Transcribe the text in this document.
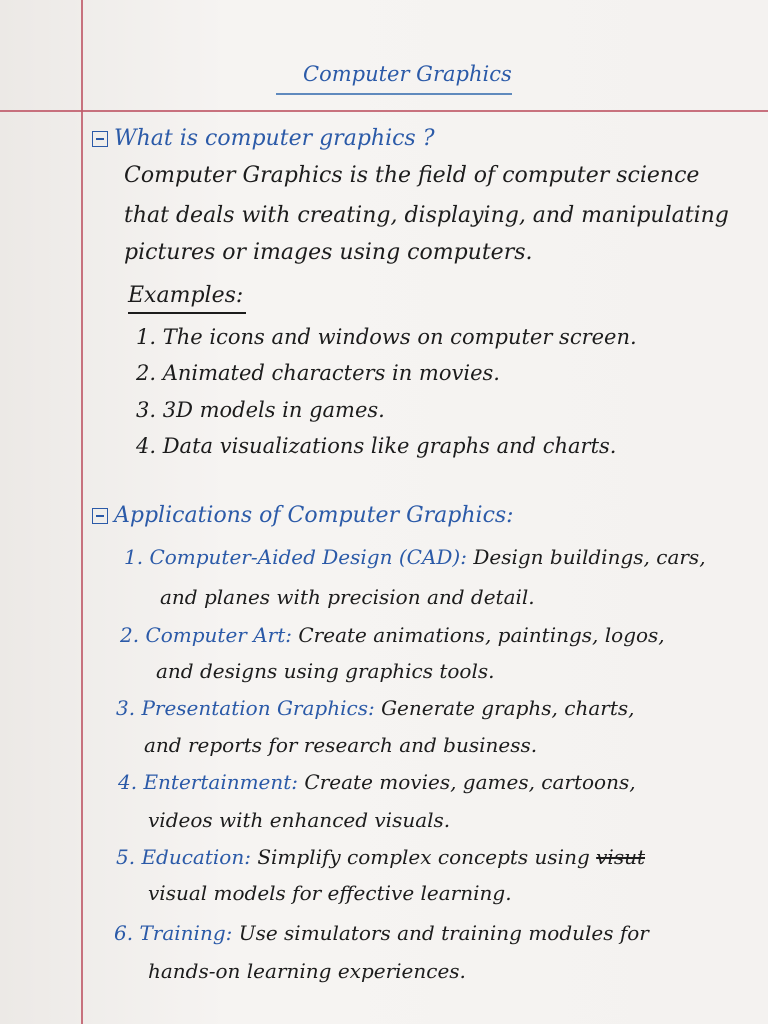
Computer Graphics
What is computer graphics ?
Computer Graphics is the field of computer science
that deals with creating, displaying, and manipulating
pictures or images using computers.
Examples:
1. The icons and windows on computer screen.
2. Animated characters in movies.
3. 3D models in games.
4. Data visualizations like graphs and charts.
Applications of Computer Graphics:
1. Computer-Aided Design (CAD): Design buildings, cars,
and planes with precision and detail.
2. Computer Art: Create animations, paintings, logos,
and designs using graphics tools.
3. Presentation Graphics: Generate graphs, charts,
and reports for research and business.
4. Entertainment: Create movies, games, cartoons,
videos with enhanced visuals.
5. Education: Simplify complex concepts using visut
visual models for effective learning.
6. Training: Use simulators and training modules for
hands-on learning experiences.
